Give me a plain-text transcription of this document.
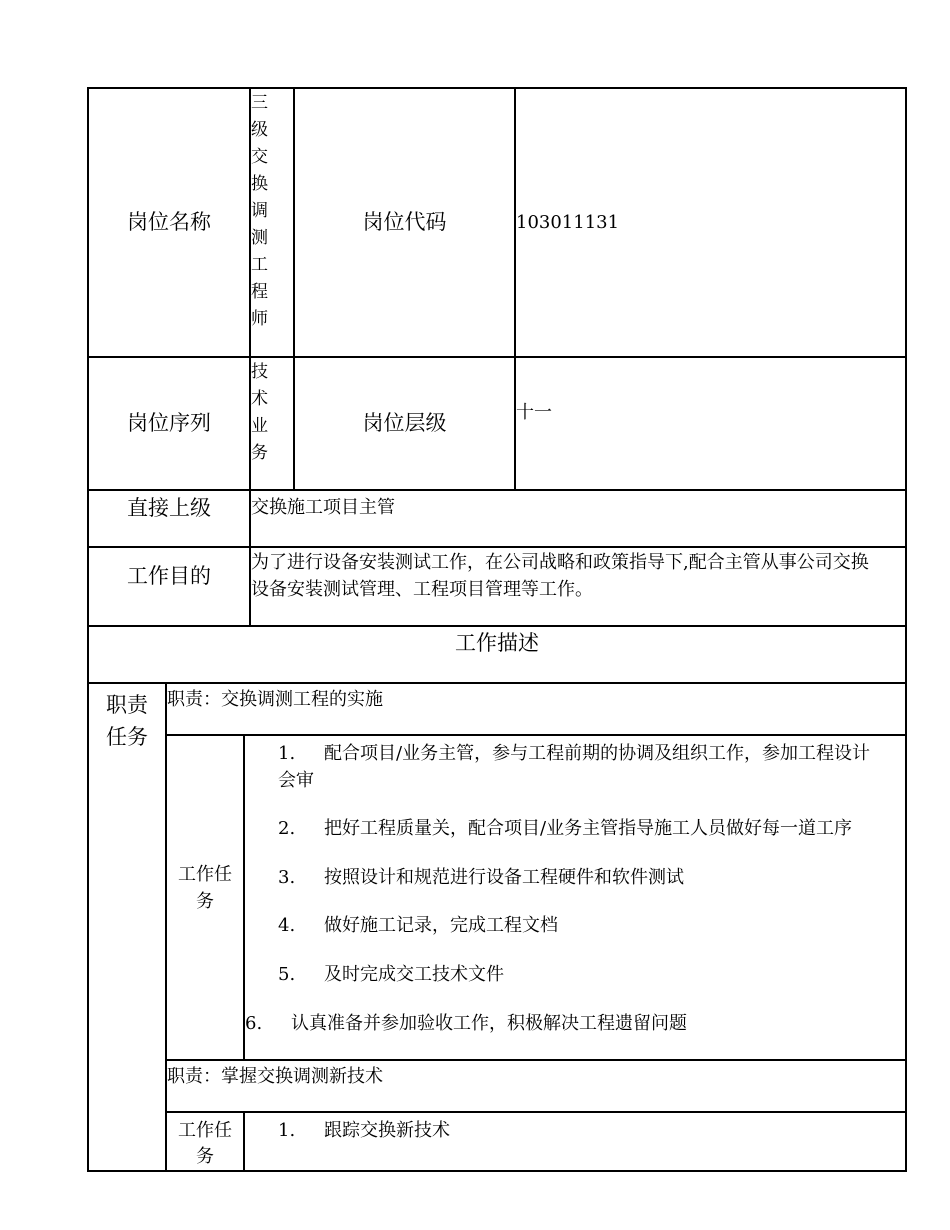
岗位名称
三级交换调测工程师
岗位代码	103011131
岗位序列
技术业务
岗位层级	十一
直接上级 交换施工项目主管
工作目的
为了进行设备安装测试工作，在公司战略和政策指导下,配合主管从事公司交换
设备安装测试管理、工程项目管理等工作。
工作描述
职责
任务
职责：交换调测工程的实施
工作任
务
1. 配合项目/业务主管，参与工程前期的协调及组织工作，参加工程设计
会审
2. 把好工程质量关，配合项目/业务主管指导施工人员做好每一道工序
3. 按照设计和规范进行设备工程硬件和软件测试
4. 做好施工记录，完成工程文档
5. 及时完成交工技术文件
6. 认真准备并参加验收工作，积极解决工程遗留问题
职责：掌握交换调测新技术
工作任
务
1. 跟踪交换新技术
